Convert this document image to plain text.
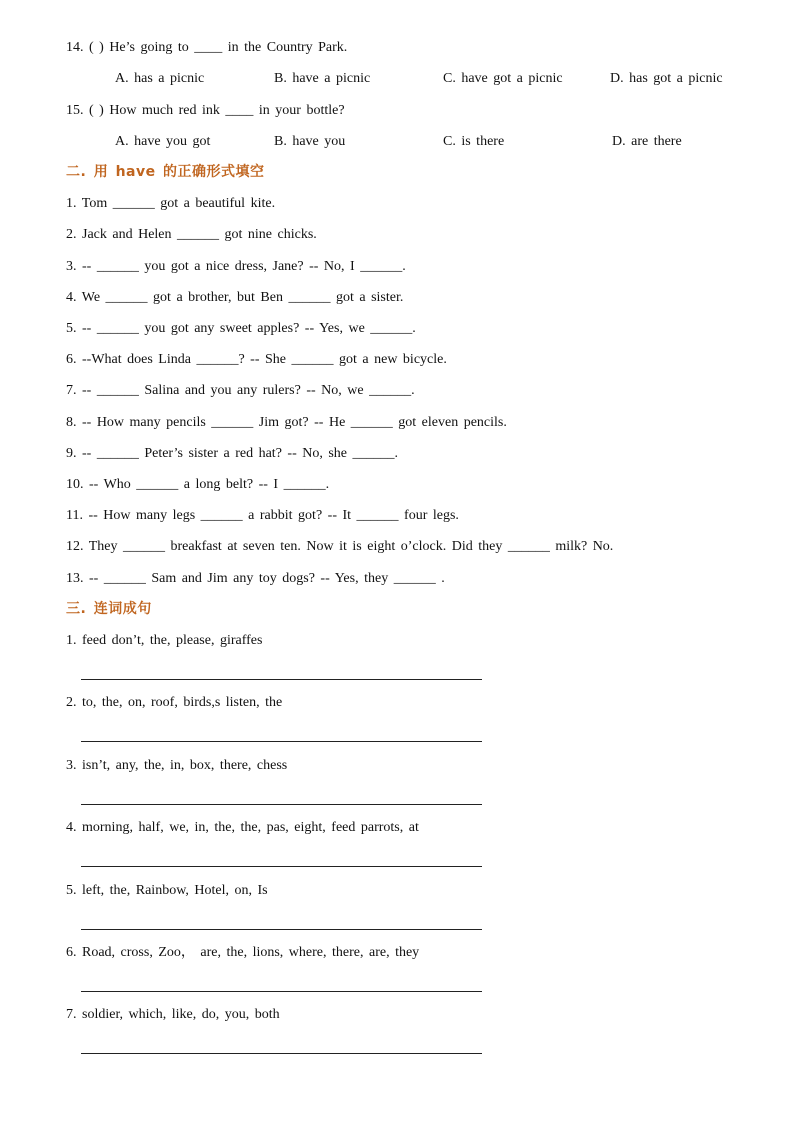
14. ( ) He’s going to ____ in the Country Park.
A. has a picnic	B. have a picnic	C. have got a picnic	D. has got a picnic
15. ( ) How much red ink ____ in your bottle?
A. have you got	B. have you	C. is there	D. are there
二. 用 have 的正确形式填空
1. Tom ______ got a beautiful kite.
2. Jack and Helen ______ got nine chicks.
3. -- ______ you got a nice dress, Jane? -- No, I ______.
4. We ______ got a brother, but Ben ______ got a sister.
5. -- ______ you got any sweet apples? -- Yes, we ______.
6. --What does Linda ______? -- She ______ got a new bicycle.
7. -- ______ Salina and you any rulers? -- No, we ______.
8. -- How many pencils ______ Jim got? -- He ______ got eleven pencils.
9. -- ______ Peter’s sister a red hat? -- No, she ______.
10. -- Who ______ a long belt? -- I ______.
11. -- How many legs ______ a rabbit got? -- It ______ four legs.
12. They ______ breakfast at seven ten. Now it is eight o’clock. Did they ______ milk? No.
13. -- ______ Sam and Jim any toy dogs? -- Yes, they ______ .
三. 连词成句
1. feed don’t, the, please, giraffes
2. to, the, on, roof, birds,s listen, the
3. isn’t, any, the, in, box, there, chess
4. morning, half, we, in, the, the, pas, eight, feed parrots, at
5. left, the, Rainbow, Hotel, on, Is
6. Road, cross, Zoo， are, the, lions, where, there, are, they
7. soldier, which, like, do, you, both
